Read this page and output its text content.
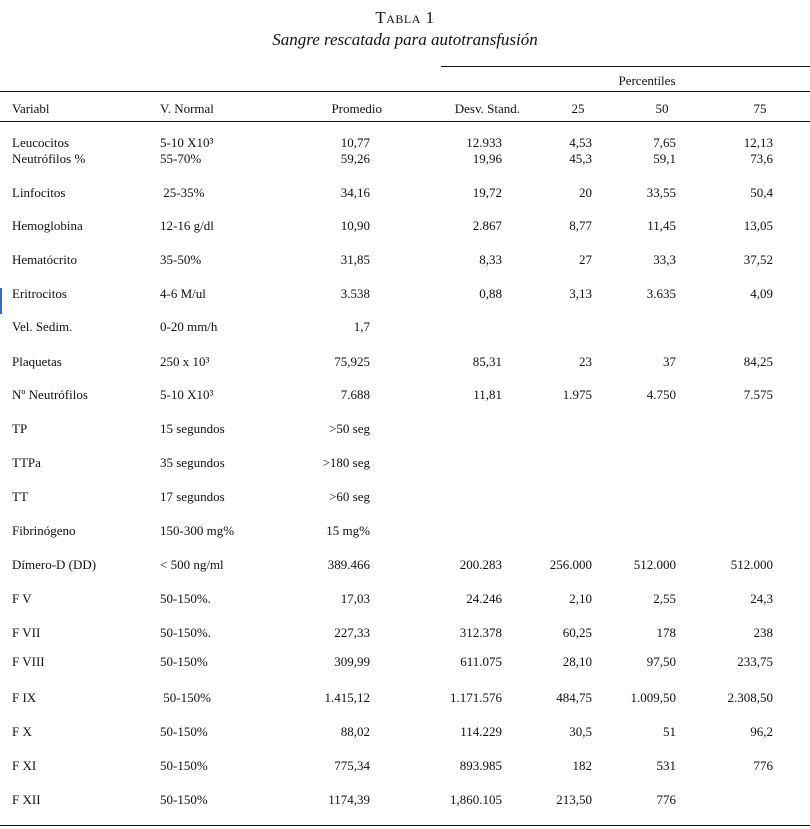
Tabla 1
Sangre rescatada para autotransfusión
Percentiles
Variabl	V. Normal	Promedio	Desv. Stand.	25	50	75
Leucocitos	5-10 X10³	10,77	12.933	4,53	7,65	12,13
Neutrófilos %	55-70%	59,26	19,96	45,3	59,1	73,6
Linfocitos	25-35%	34,16	19,72	20	33,55	50,4
Hemoglobina	12-16 g/dl	10,90	2.867	8,77	11,45	13,05
Hematócrito	35-50%	31,85	8,33	27	33,3	37,52
Eritrocitos	4-6 M/ul	3.538	0,88	3,13	3.635	4,09
Vel. Sedim.	0-20 mm/h	1,7
Plaquetas	250 x 10³	75,925	85,31	23	37	84,25
Nº Neutrófilos	5-10 X10³	7.688	11,81	1.975	4.750	7.575
TP	15 segundos	>50 seg
TTPa	35 segundos	>180 seg
TT	17 segundos	>60 seg
Fibrinógeno	150-300 mg%	15 mg%
Dímero-D (DD)	< 500 ng/ml	389.466	200.283	256.000	512.000	512.000
F V	50-150%.	17,03	24.246	2,10	2,55	24,3
F VII	50-150%.	227,33	312.378	60,25	178	238
F VIII	50-150%	309,99	611.075	28,10	97,50	233,75
F IX	50-150%	1.415,12	1.171.576	484,75	1.009,50	2.308,50
F X	50-150%	88,02	114.229	30,5	51	96,2
F XI	50-150%	775,34	893.985	182	531	776
F XII	50-150%	1174,39	1,860.105	213,50	776
